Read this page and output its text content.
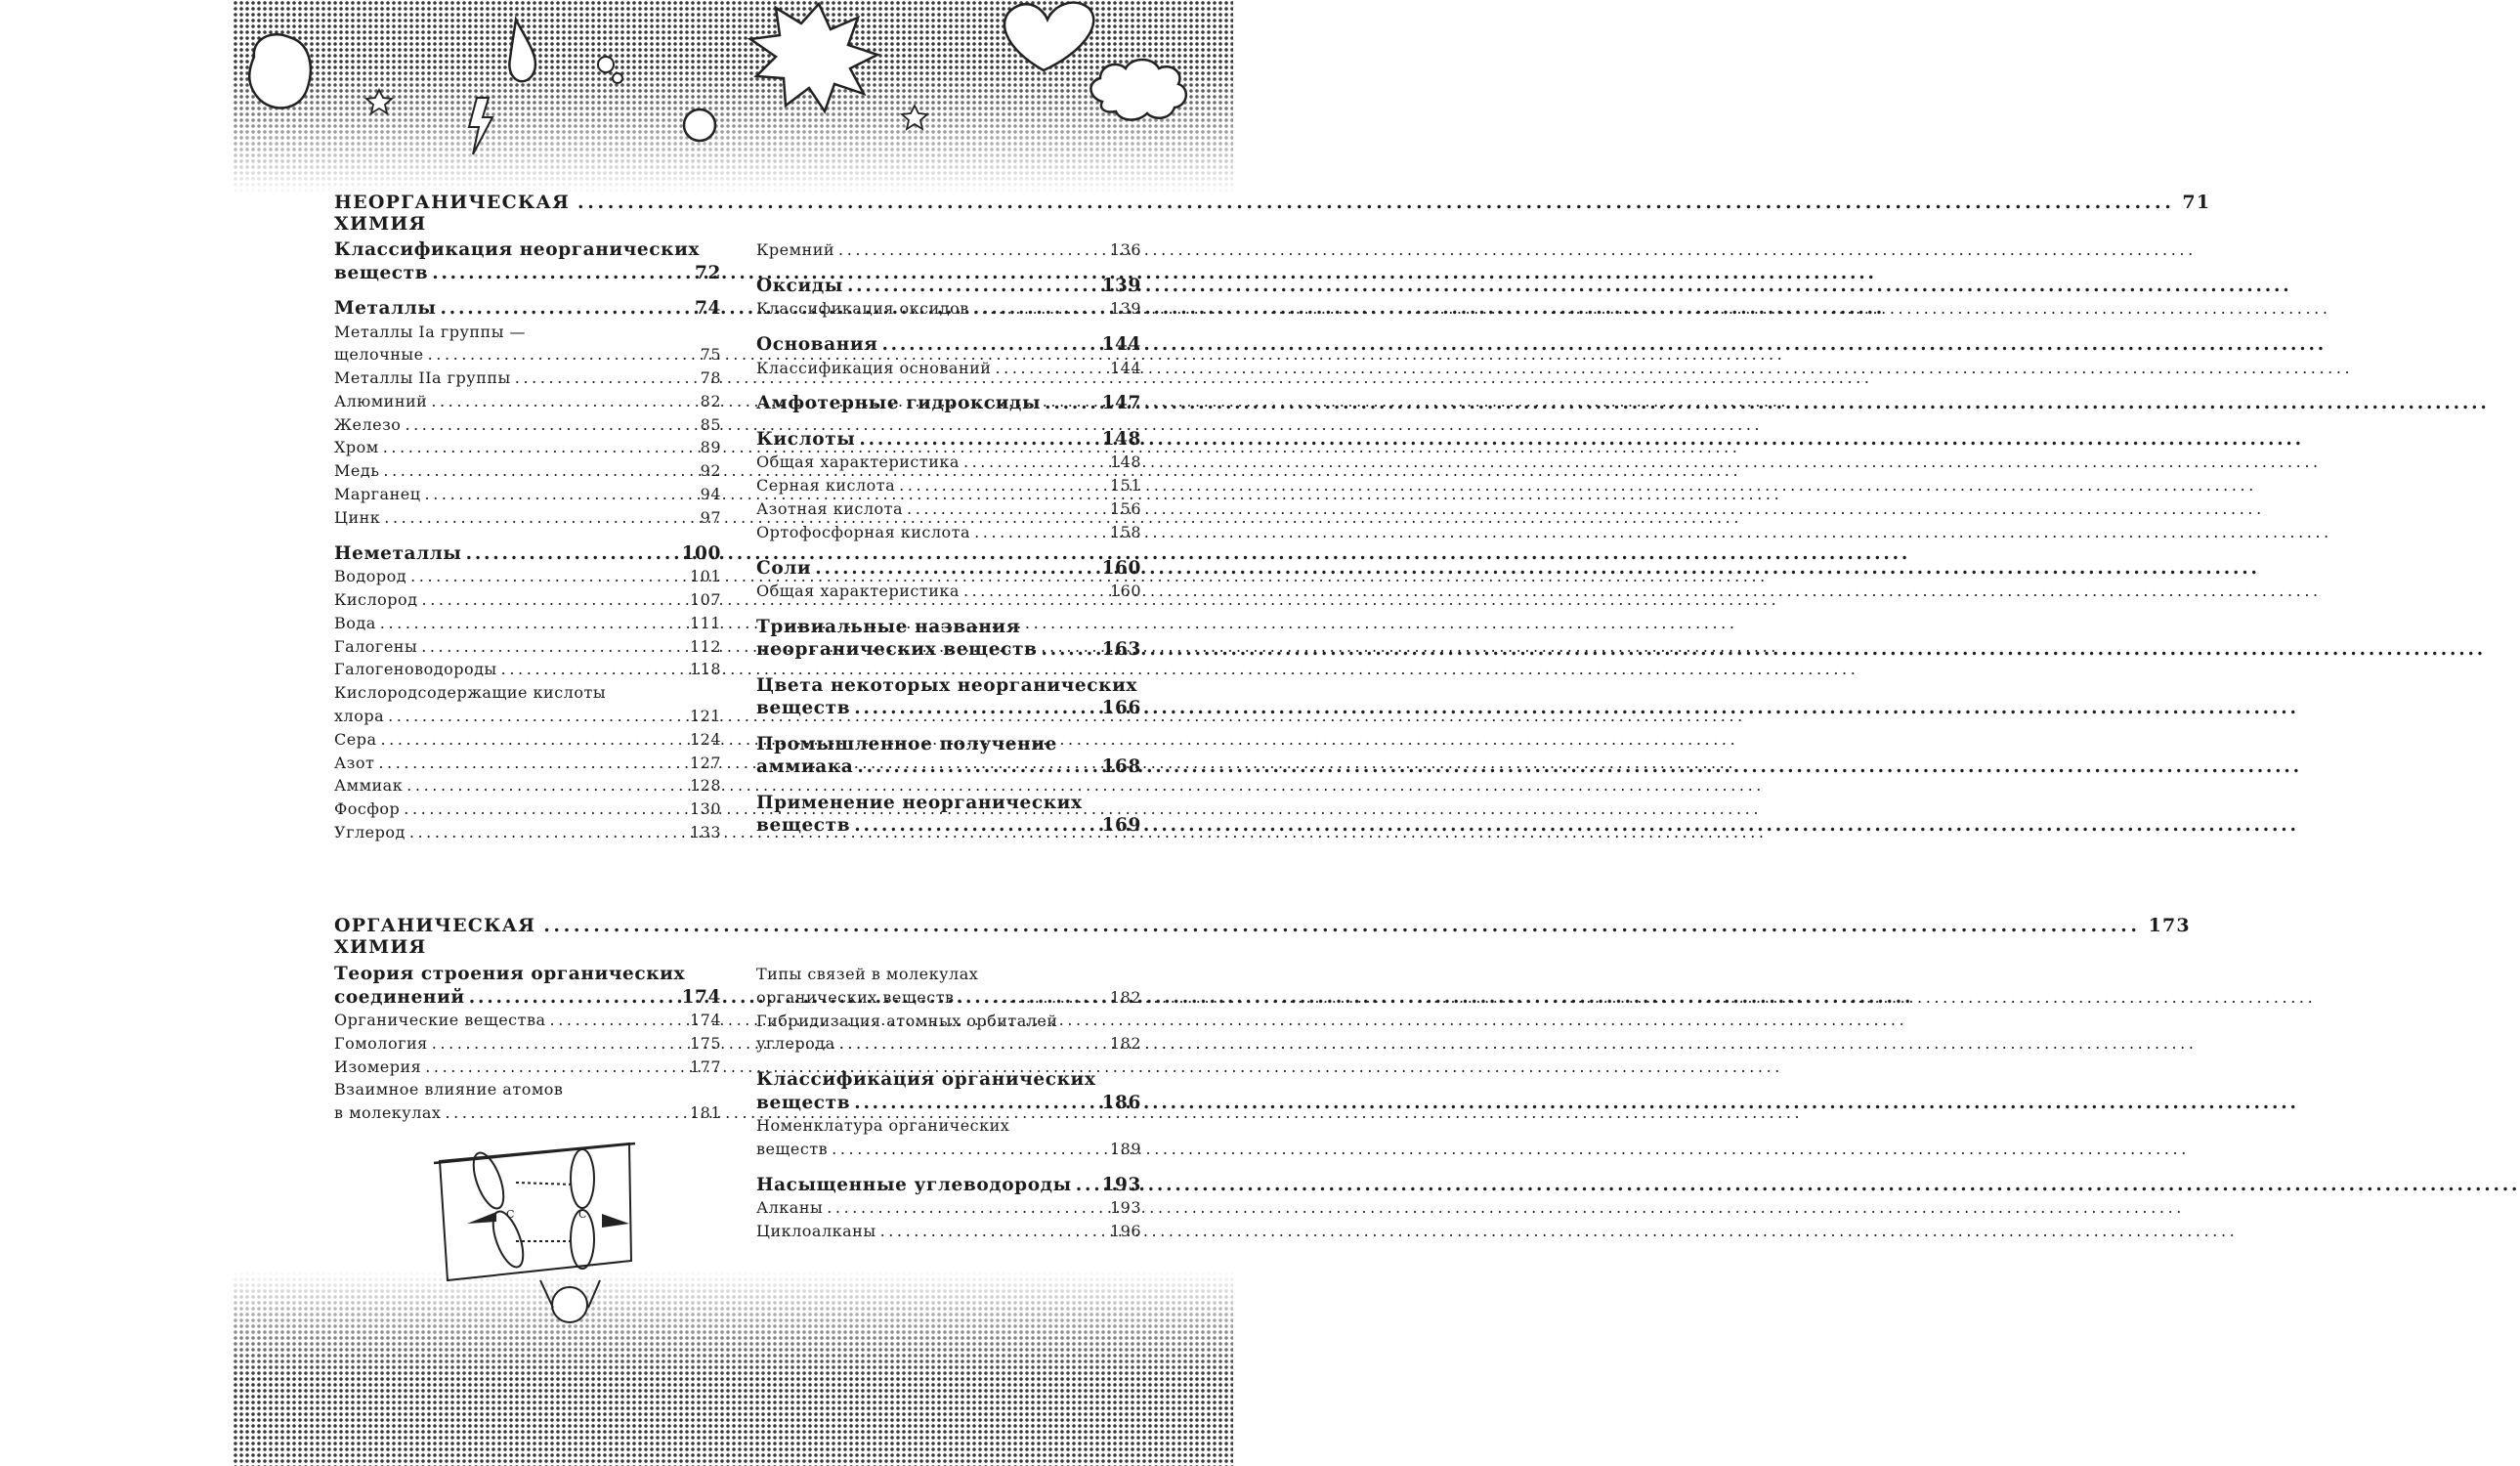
НЕОРГАНИЧЕСКАЯ ХИМИЯ
.....
71
Классификация неорганических
веществ .....	72
Металлы .....	74
Металлы Ia группы —
щелочные .....	75
Металлы IIa группы .....	78
Алюминий .....	82
Железо .....	85
Хром .....	89
Медь .....	92
Марганец .....	94
Цинк .....	97
Неметаллы .....	100
Водород .....	101
Кислород .....	107
Вода .....	111
Галогены .....	112
Галогеноводороды .....	118
Кислородсодержащие кислоты
хлора .....	121
Сера .....	124
Азот .....	127
Аммиак .....	128
Фосфор .....	130
Углерод .....	133
Кремний .....	136
Оксиды .....	139
Классификация оксидов .....	139
Основания .....	144
Классификация оснований .....	144
Амфотерные гидроксиды .....	147
Кислоты .....	148
Общая характеристика .....	148
Серная кислота .....	151
Азотная кислота .....	156
Ортофосфорная кислота .....	158
Соли .....	160
Общая характеристика .....	160
Тривиальные названия
неорганических веществ .....	163
Цвета некоторых неорганических
веществ .....	166
Промышленное получение
аммиака .....	168
Применение неорганических
веществ .....	169
ОРГАНИЧЕСКАЯ ХИМИЯ
.....
173
Теория строения органических
соединений .....	174
Органические вещества .....	174
Гомология .....	175
Изомерия .....	177
Взаимное влияние атомов
в молекулах .....	181
Типы связей в молекулах
органических веществ .....	182
Гибридизация атомных орбиталей
углерода .....	182
Классификация органических
веществ .....	186
Номенклатура органических
веществ .....	189
Насыщенные углеводороды ..... 193
Алканы .....	193
Циклоалканы .....	196
C	C
